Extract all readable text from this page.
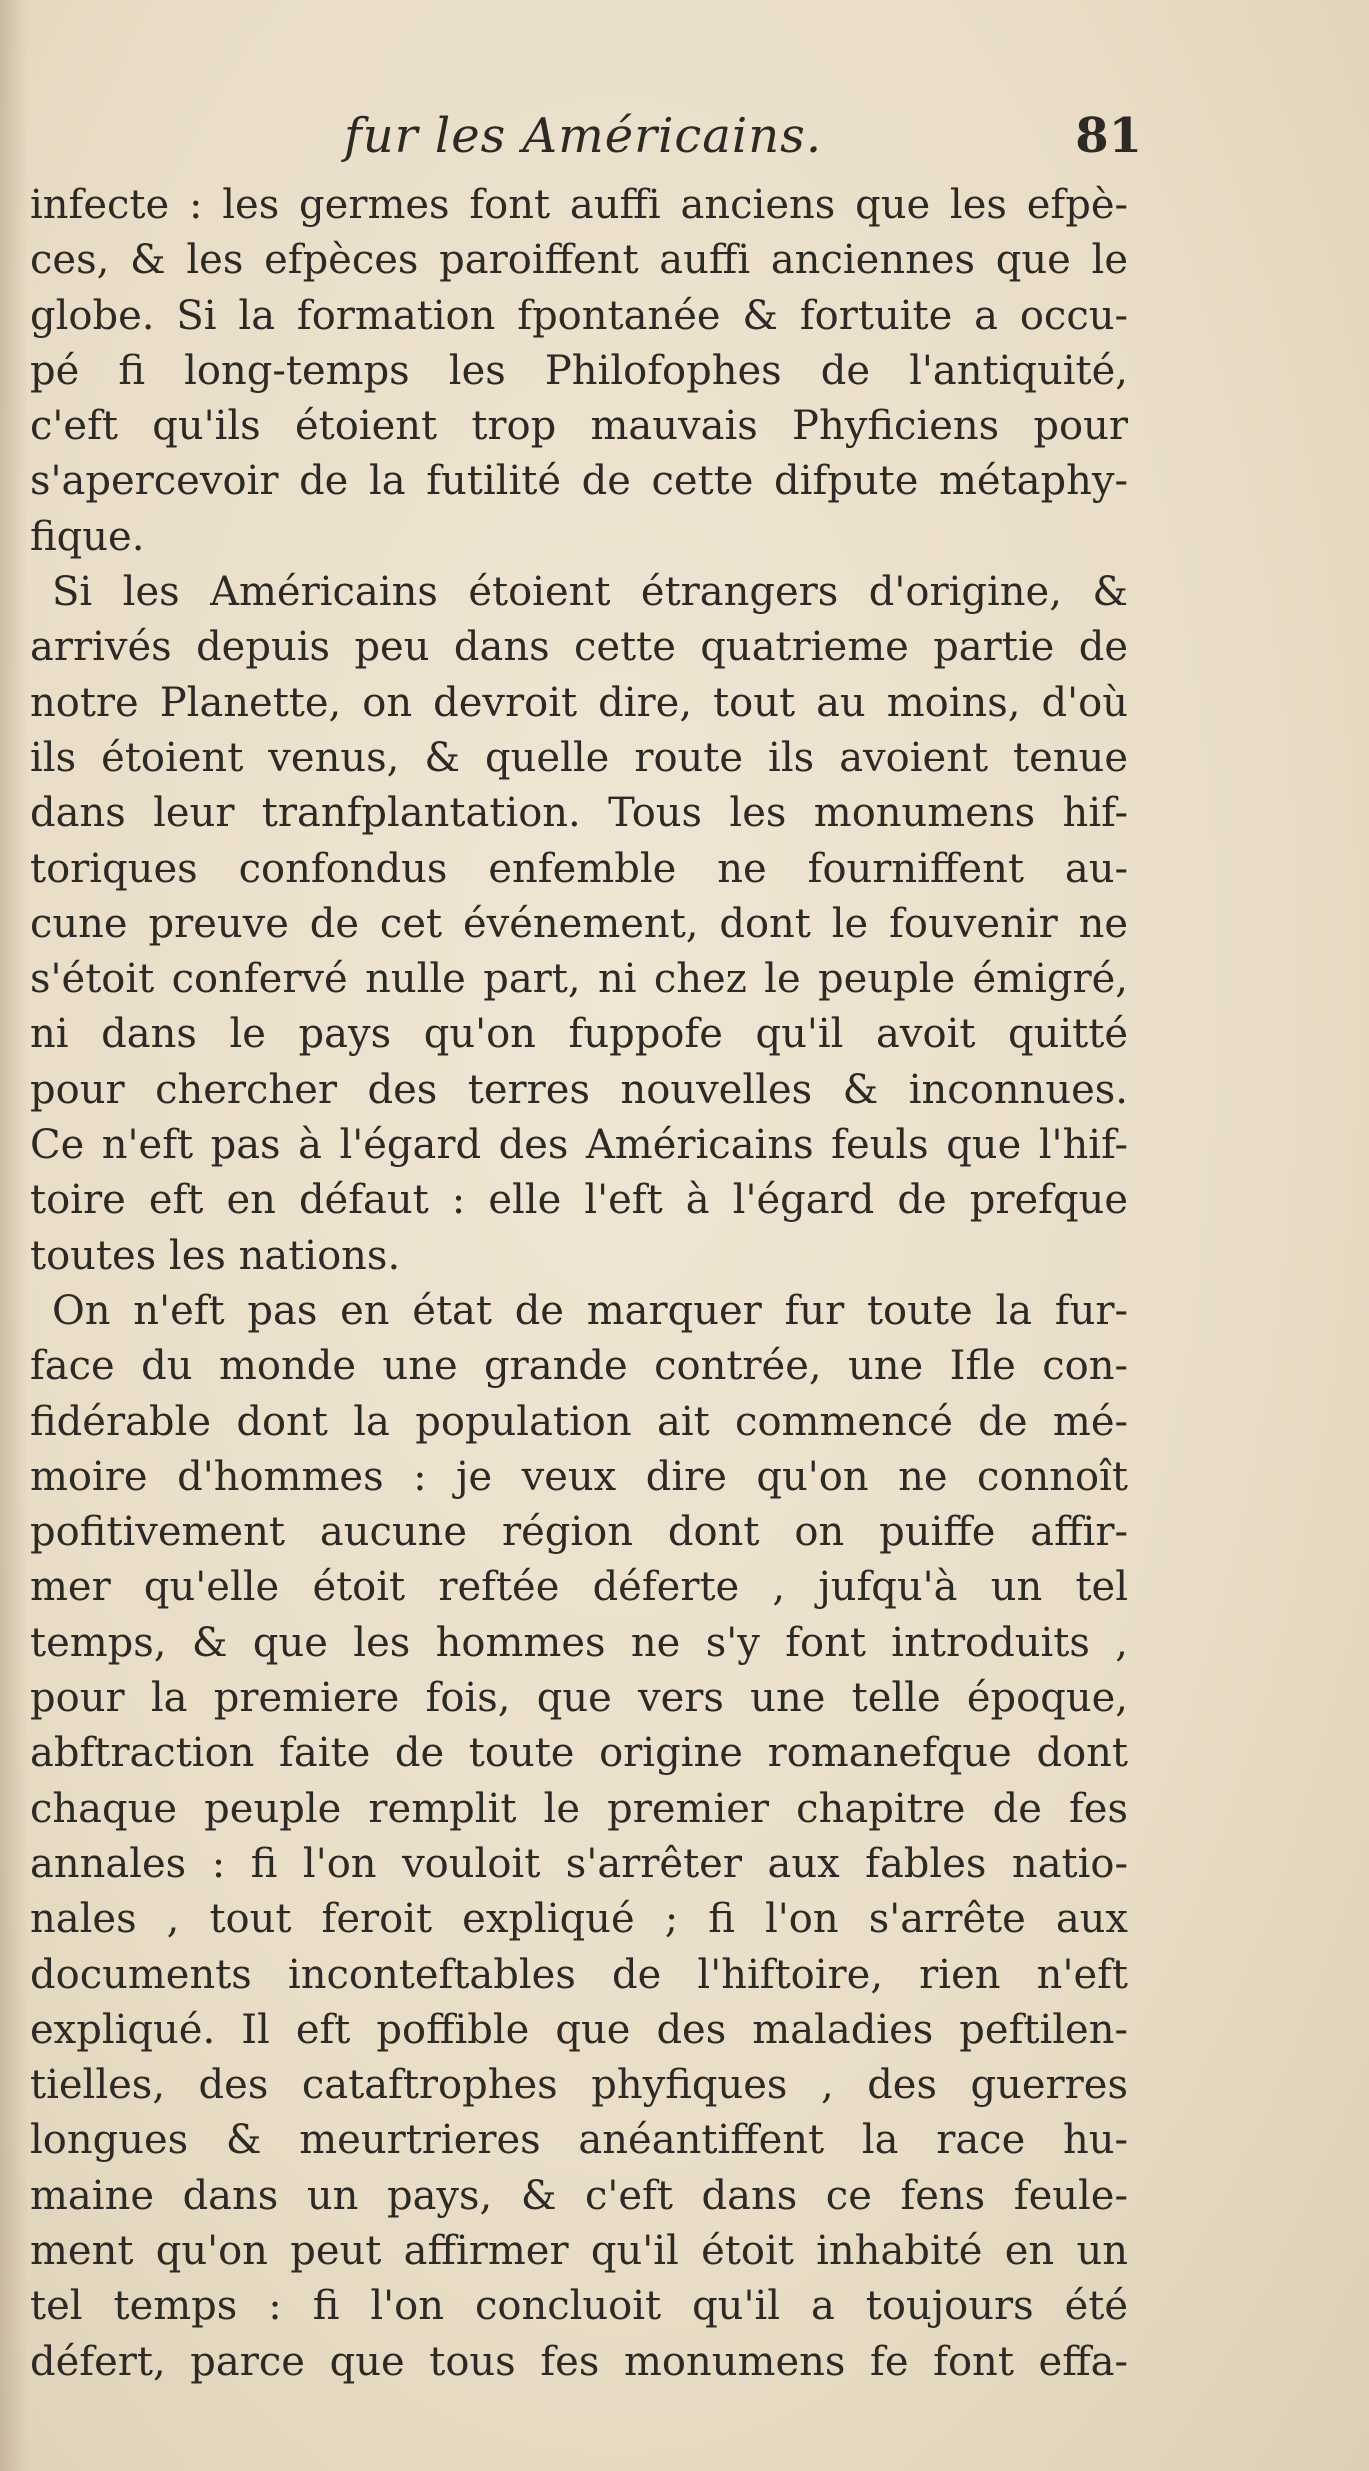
fur les Américains.	81
infecte : les germes font auffi anciens que les efpè-
ces, & les efpèces paroiffent auffi anciennes que le
globe. Si la formation fpontanée & fortuite a occu-
pé fi long-temps les Philofophes de l'antiquité,
c'eft qu'ils étoient trop mauvais Phyficiens pour
s'apercevoir de la futilité de cette difpute métaphy-
fique.
Si les Américains étoient étrangers d'origine, &
arrivés depuis peu dans cette quatrieme partie de
notre Planette, on devroit dire, tout au moins, d'où
ils étoient venus, & quelle route ils avoient tenue
dans leur tranfplantation. Tous les monumens hif-
toriques confondus enfemble ne fourniffent au-
cune preuve de cet événement, dont le fouvenir ne
s'étoit confervé nulle part, ni chez le peuple émigré,
ni dans le pays qu'on fuppofe qu'il avoit quitté
pour chercher des terres nouvelles & inconnues.
Ce n'eft pas à l'égard des Américains feuls que l'hif-
toire eft en défaut : elle l'eft à l'égard de prefque
toutes les nations.
On n'eft pas en état de marquer fur toute la fur-
face du monde une grande contrée, une Ifle con-
fidérable dont la population ait commencé de mé-
moire d'hommes : je veux dire qu'on ne connoît
pofitivement aucune région dont on puiffe affir-
mer qu'elle étoit reftée déferte , jufqu'à un tel
temps, & que les hommes ne s'y font introduits ,
pour la premiere fois, que vers une telle époque,
abftraction faite de toute origine romanefque dont
chaque peuple remplit le premier chapitre de fes
annales : fi l'on vouloit s'arrêter aux fables natio-
nales , tout feroit expliqué ; fi l'on s'arrête aux
documents inconteftables de l'hiftoire, rien n'eft
expliqué. Il eft poffible que des maladies peftilen-
tielles, des cataftrophes phyfiques , des guerres
longues & meurtrieres anéantiffent la race hu-
maine dans un pays, & c'eft dans ce fens feule-
ment qu'on peut affirmer qu'il étoit inhabité en un
tel temps : fi l'on concluoit qu'il a toujours été
défert, parce que tous fes monumens fe font effa-
